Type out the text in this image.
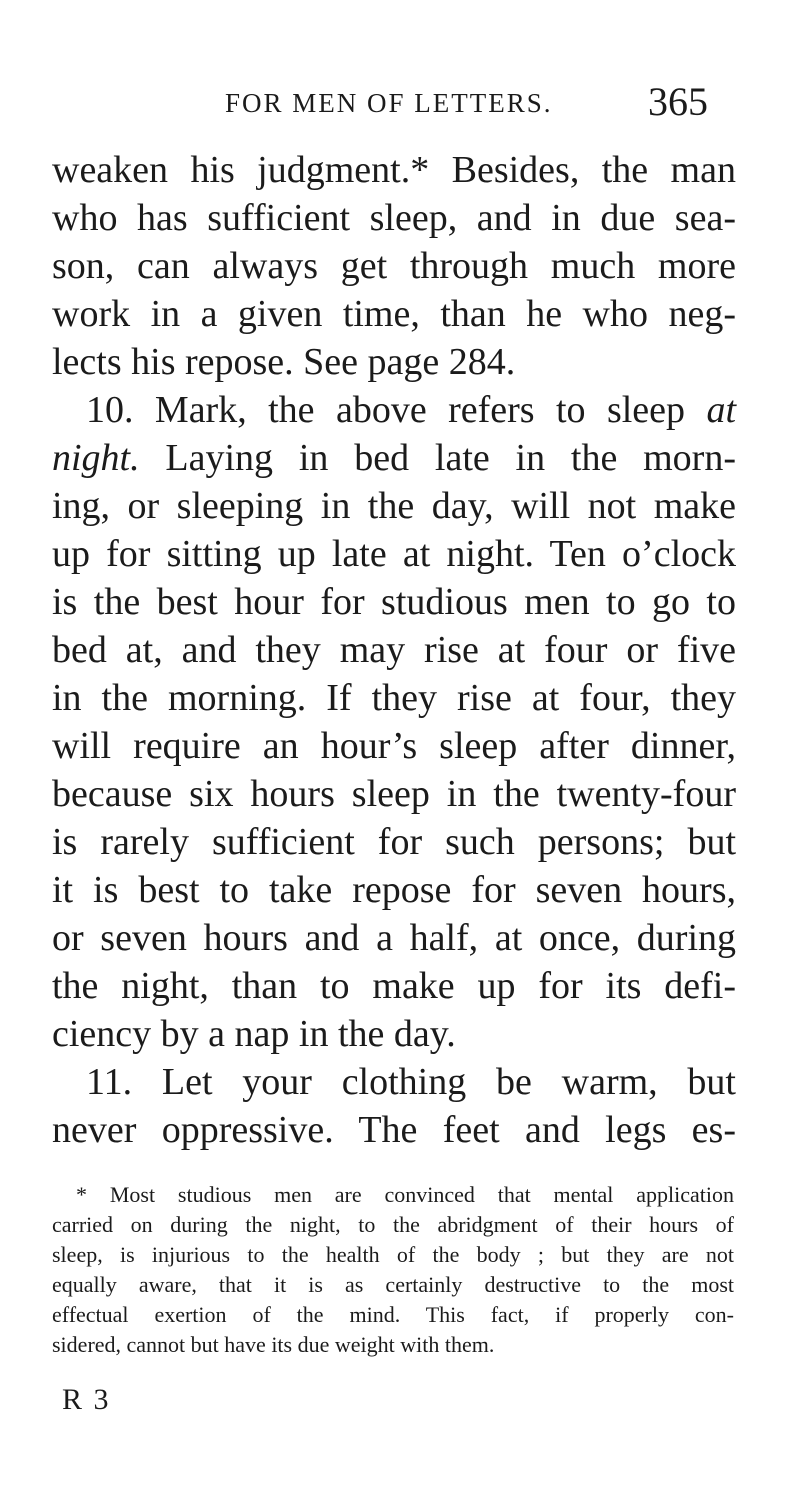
FOR MEN OF LETTERS. 365
weaken his judgment.* Besides, the man
who has sufficient sleep, and in due sea-
son, can always get through much more
work in a given time, than he who neg-
lects his repose. See page 284.
10. Mark, the above refers to sleep at
night. Laying in bed late in the morn-
ing, or sleeping in the day, will not make
up for sitting up late at night. Ten o’clock
is the best hour for studious men to go to
bed at, and they may rise at four or five
in the morning. If they rise at four, they
will require an hour’s sleep after dinner,
because six hours sleep in the twenty-four
is rarely sufficient for such persons; but
it is best to take repose for seven hours,
or seven hours and a half, at once, during
the night, than to make up for its defi-
ciency by a nap in the day.
11. Let your clothing be warm, but
never oppressive. The feet and legs es-
* Most studious men are convinced that mental application
carried on during the night, to the abridgment of their hours of
sleep, is injurious to the health of the body ; but they are not
equally aware, that it is as certainly destructive to the most
effectual exertion of the mind. This fact, if properly con-
sidered, cannot but have its due weight with them.
R 3
